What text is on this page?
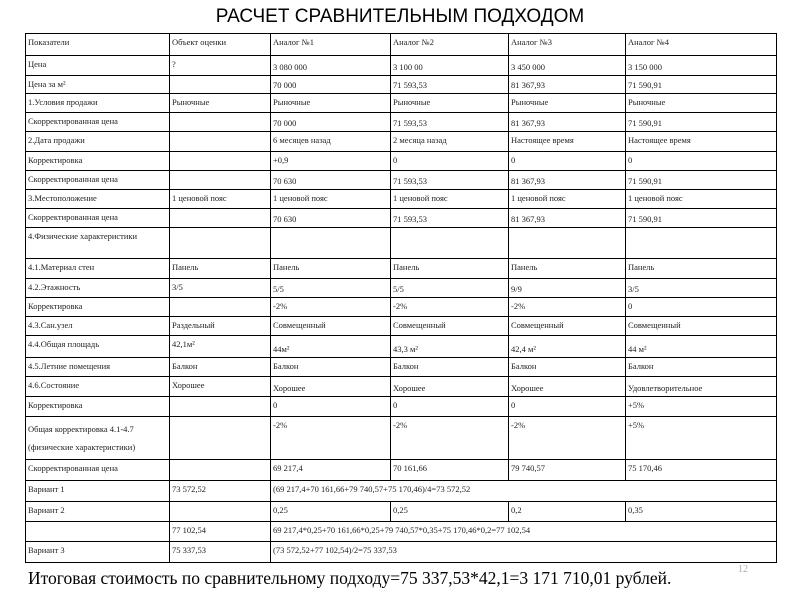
РАСЧЕТ СРАВНИТЕЛЬНЫМ ПОДХОДОМ
Показатели	Объект оценки	Аналог №1	Аналог №2	Аналог №3	Аналог №4
Цена	?	3 080 000	3 100 00	3 450 000	3 150 000
Цена за м²		70 000	71 593,53	81 367,93	71 590,91
1.Условия продажи	Рыночные	Рыночные	Рыночные	Рыночные	Рыночные
Скорректированная цена		70 000	71 593,53	81 367,93	71 590,91
2.Дата продажи		6 месяцев назад	2 месяца назад	Настоящее время	Настоящее время
Корректировка		+0,9	0	0	0
Скорректированная цена		70 630	71 593,53	81 367,93	71 590,91
3.Местоположение	1 ценовой пояс	1 ценовой пояс	1 ценовой пояс	1 ценовой пояс	1 ценовой пояс
Скорректированная цена		70 630	71 593,53	81 367,93	71 590,91
4.Физические характеристики					
4.1.Материал стен	Панель	Панель	Панель	Панель	Панель
4.2.Этажность	3/5	5/5	5/5	9/9	3/5
Корректировка		-2%	-2%	-2%	0
4.3.Сан.узел	Раздельный	Совмещенный	Совмещенный	Совмещенный	Совмещенный
4.4.Общая площадь	42,1м²	44м²	43,3 м²	42,4 м²	44 м²
4.5.Летние помещения	Балкон	Балкон	Балкон	Балкон	Балкон
4.6.Состояние	Хорошее	Хорошее	Хорошее	Хорошее	Удовлетворительное
Корректировка		0	0	0	+5%
Общая корректировка 4.1-4.7 (физические характеристики)		-2%	-2%	-2%	+5%
Скорректированная цена		69 217,4	70 161,66	79 740,57	75 170,46
Вариант 1	73 572,52	(69 217,4+70 161,66+79 740,57+75 170,46)/4=73 572,52			
Вариант 2		0,25	0,25	0,2	0,35
	77 102,54	69 217,4*0,25+70 161,66*0,25+79 740,57*0,35+75 170,46*0,2=77 102,54			
Вариант 3	75 337,53	(73 572,52+77 102,54)/2=75 337,53			
Итоговая стоимость по сравнительному подходу=75 337,53*42,1=3 171 710,01 рублей.	12
